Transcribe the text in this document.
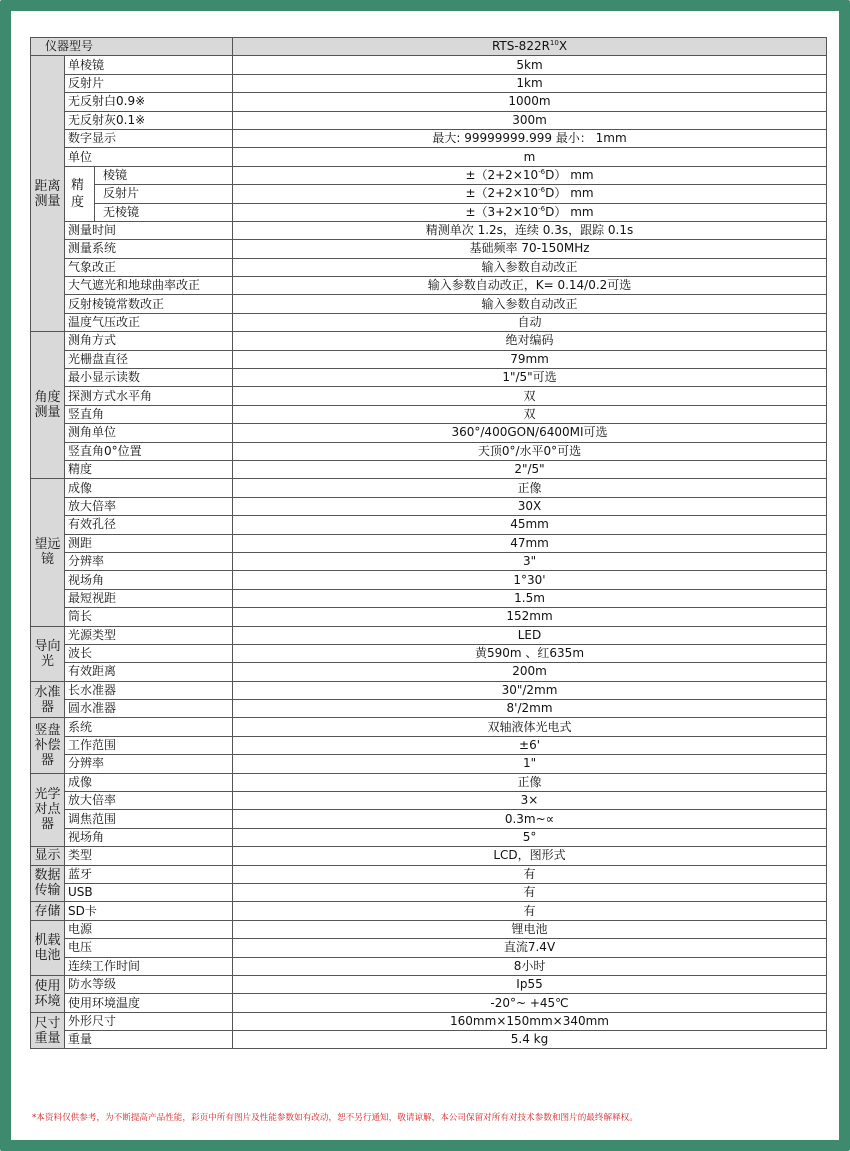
仪器型号			RTS-$822R^{10}X$

距离测量	单棱镜		5km
	反射片		1km
	无反射白0.9※		1000m
	无反射灰0.1※		300m
	数字显示		最大: 99999999.999 最小： 1mm
	单位		m
	精度	棱镜	$\pm(2+2\times 10^{-6}D)$ mm
		反射片	$\pm(2+2\times 10^{-6}D)$ mm
		无棱镜	$\pm(3+2\times 10^{-6}D)$ mm
	测量时间		精测单次 1.2s，连续 0.3s，跟踪 0.1s
	测量系统		基础频率 70-150MHz
	气象改正		输入参数自动改正
	大气遮光和地球曲率改正		输入参数自动改正，K= 0.14/0.2可选
	反射棱镜常数改正		输入参数自动改正
	温度气压改正		自动

角度测量	测角方式		绝对编码
	光栅盘直径		79mm
	最小显示读数		1"/5"可选
	探测方式水平角		双
	竖直角		双
	测角单位		360°/400GON/6400MI可选
	竖直角0°位置		天顶0°/水平0°可选
	精度		2"/5"

望远镜	成像		正像
	放大倍率		30X
	有效孔径		45mm
	测距		47mm
	分辨率		3"
	视场角		1°30'
	最短视距		1.5m
	筒长		152mm

导向光	光源类型		LED
	波长		黄590m 、红635m
	有效距离		200m

水准器	长水准器		30"/2mm
	圆水准器		8'/2mm

竖盘补偿器	系统		双轴液体光电式
	工作范围		±6'
	分辨率		1"

光学对点器	成像		正像
	放大倍率		3×
	调焦范围		0.3m~∝
	视场角		5°

显示	类型		LCD，图形式

数据传输	蓝牙		有
	USB		有

存储	SD卡		有

机载电池	电源		锂电池
	电压		直流7.4V
	连续工作时间		8小时

使用环境	防水等级		Ip55
	使用环境温度		-20°~ +45℃

尺寸重量	外形尺寸		160mm×150mm×340mm
	重量		5.4 kg
*本资料仅供参考，为不断提高产品性能，彩页中所有图片及性能参数如有改动，恕不另行通知，敬请谅解，本公司保留对所有对技术参数和图片的最终解释权。
